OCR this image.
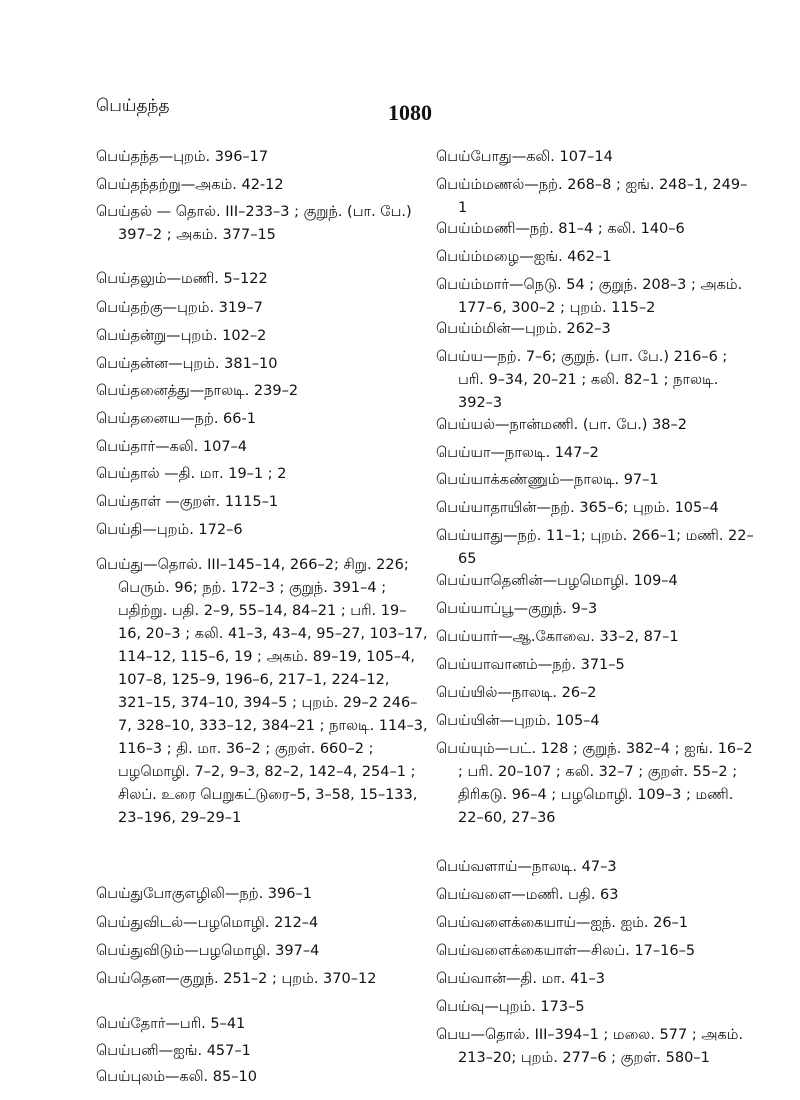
பெய்தந்த	1080
பெய்தந்த—புறம். 396–17
பெய்தந்தற்று—அகம். 42-12
பெய்தல் — தொல். III–233–3 ; குறுந். (பா. பே.) 397–2 ; அகம். 377–15
பெய்தலும்—மணி. 5–122
பெய்தற்கு—புறம். 319–7
பெய்தன்று—புறம். 102–2
பெய்தன்ன—புறம். 381–10
பெய்தனைத்து—நாலடி. 239–2
பெய்தனைய—நற். 66-1
பெய்தார்—கலி. 107–4
பெய்தால் —தி. மா. 19–1 ; 2
பெய்தாள் —குறள். 1115–1
பெய்தி—புறம். 172–6
பெய்து—தொல். III–145–14, 266–2; சிறு. 226; பெரும். 96; நற். 172–3 ; குறுந். 391–4 ; பதிற்று. பதி. 2–9, 55–14, 84–21 ; பரி. 19–16, 20–3 ; கலி. 41–3, 43–4, 95–27, 103–17, 114–12, 115–6, 19 ; அகம். 89–19, 105–4, 107–8, 125–9, 196–6, 217–1, 224–12, 321–15, 374–10, 394–5 ; புறம். 29–2 246–7, 328–10, 333–12, 384–21 ; நாலடி. 114–3, 116–3 ; தி. மா. 36–2 ; குறள். 660–2 ; பழமொழி. 7–2, 9–3, 82–2, 142–4, 254–1 ; சிலப். உரை பெறுகட்டுரை–5, 3–58, 15–133, 23–196, 29–29–1
பெய்துபோகுஎழிலி—நற். 396–1
பெய்துவிடல்—பழமொழி. 212–4
பெய்துவிடும்—பழமொழி. 397–4
பெய்தென—குறுந். 251–2 ; புறம். 370–12
பெய்தோர்—பரி. 5–41
பெய்பனி—ஐங். 457–1
பெய்புலம்—கலி. 85–10
பெய்போது—கலி. 107–14
பெய்ம்மணல்—நற். 268–8 ; ஐங். 248–1, 249–1
பெய்ம்மணி—நற். 81–4 ; கலி. 140–6
பெய்ம்மழை—ஐங். 462–1
பெய்ம்மார்—நெடு. 54 ; குறுந். 208–3 ; அகம். 177–6, 300–2 ; புறம். 115–2
பெய்ம்மின்—புறம். 262–3
பெய்ய—நற். 7–6; குறுந். (பா. பே.) 216–6 ; பரி. 9–34, 20–21 ; கலி. 82–1 ; நாலடி. 392–3
பெய்யல்—நான்மணி. (பா. பே.) 38–2
பெய்யா—நாலடி. 147–2
பெய்யாக்கண்ணும்—நாலடி. 97–1
பெய்யாதாயின்—நற். 365–6; புறம். 105–4
பெய்யாது—நற். 11–1; புறம். 266–1; மணி. 22–65
பெய்யாதெனின்—பழமொழி. 109–4
பெய்யாப்பூ—குறுந். 9–3
பெய்யார்—ஆ.கோவை. 33–2, 87–1
பெய்யாவானம்—நற். 371–5
பெய்யில்—நாலடி. 26–2
பெய்யின்—புறம். 105–4
பெய்யும்—பட். 128 ; குறுந். 382–4 ; ஐங். 16–2 ; பரி. 20–107 ; கலி. 32–7 ; குறள். 55–2 ; திரிகடு. 96–4 ; பழமொழி. 109–3 ; மணி. 22–60, 27–36
பெய்வளாய்—நாலடி. 47–3
பெய்வளை—மணி. பதி. 63
பெய்வளைக்கையாய்—ஐந். ஐம். 26–1
பெய்வளைக்கையாள்—சிலப். 17–16–5
பெய்வான்—தி. மா. 41–3
பெய்வு—புறம். 173–5
பெய—தொல். III–394–1 ; மலை. 577 ; அகம். 213–20; புறம். 277–6 ; குறள். 580–1
